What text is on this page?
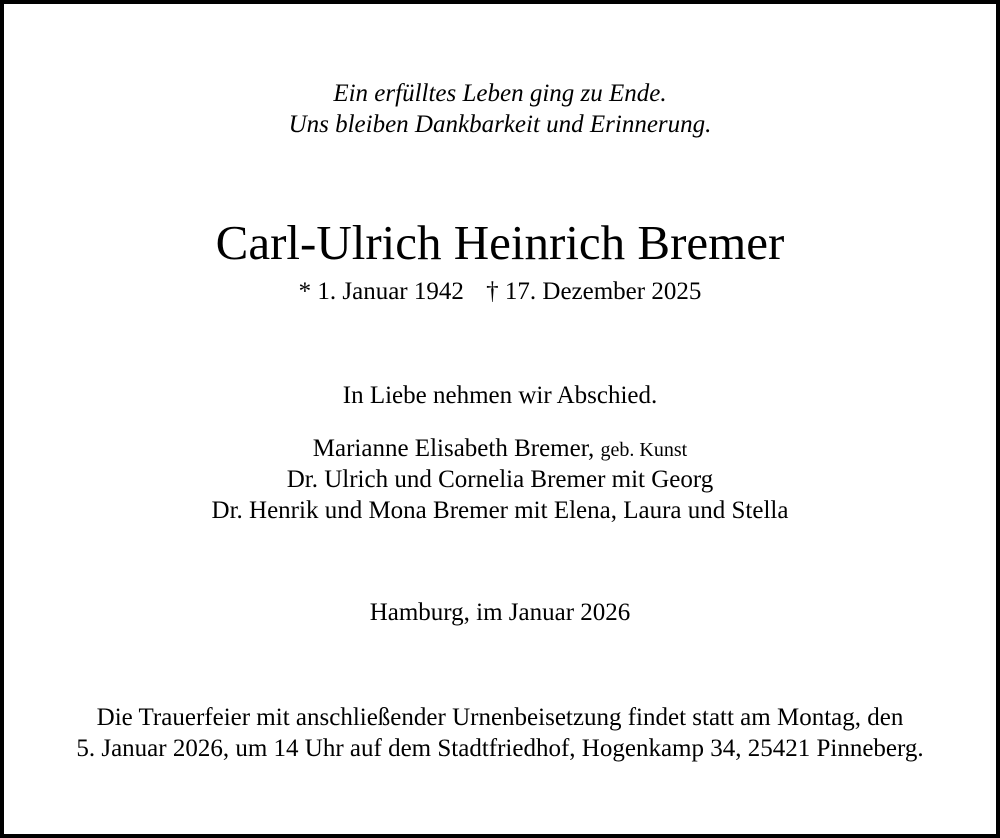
Ein erfülltes Leben ging zu Ende.
Uns bleiben Dankbarkeit und Erinnerung.
Carl-Ulrich Heinrich Bremer
* 1. Januar 1942 † 17. Dezember 2025
In Liebe nehmen wir Abschied.
Marianne Elisabeth Bremer, geb. Kunst
Dr. Ulrich und Cornelia Bremer mit Georg
Dr. Henrik und Mona Bremer mit Elena, Laura und Stella
Hamburg, im Januar 2026
Die Trauerfeier mit anschließender Urnenbeisetzung findet statt am Montag, den
5. Januar 2026, um 14 Uhr auf dem Stadtfriedhof, Hogenkamp 34, 25421 Pinneberg.
